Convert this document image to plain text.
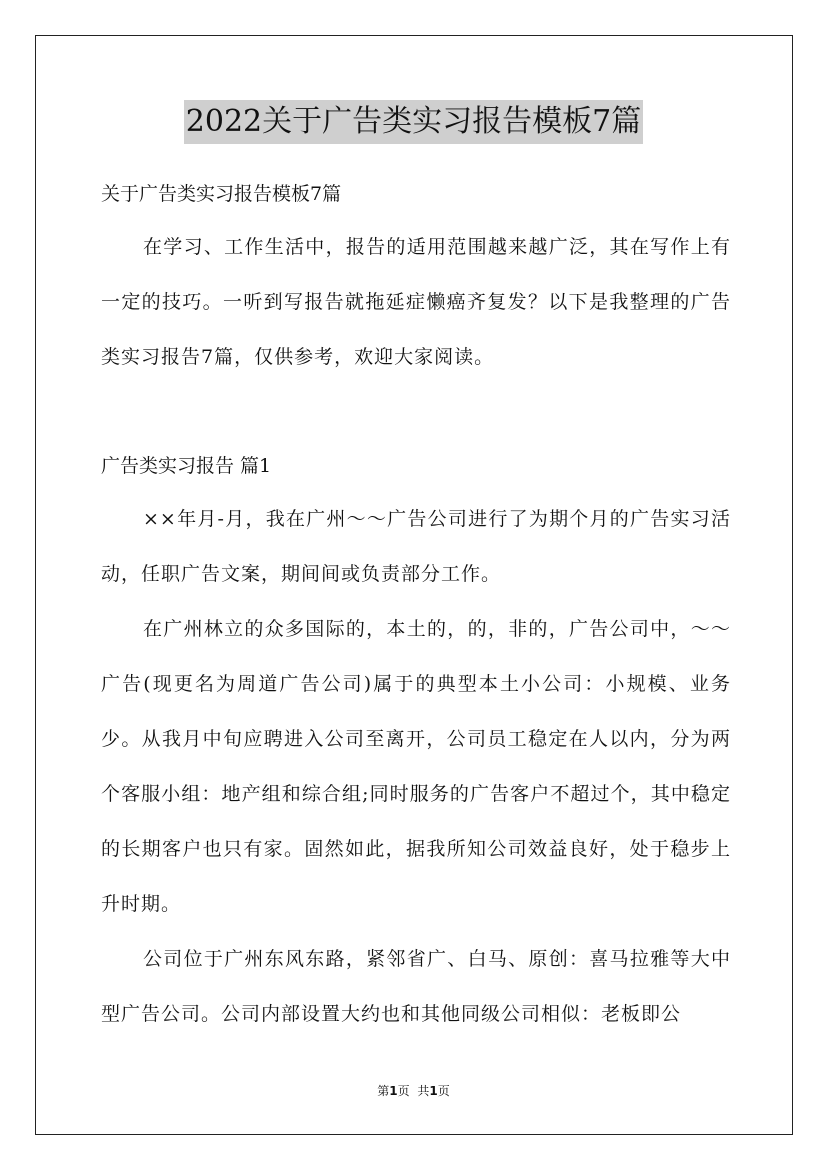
2022关于广告类实习报告模板7篇
关于广告类实习报告模板7篇

在学习、工作生活中，报告的适用范围越来越广泛，其在写作上有一定的技巧。一听到写报告就拖延症懒癌齐复发？以下是我整理的广告类实习报告7篇，仅供参考，欢迎大家阅读。

广告类实习报告 篇1

××年月-月，我在广州～～广告公司进行了为期个月的广告实习活动，任职广告文案，期间间或负责部分工作。

在广州林立的众多国际的，本土的，的，非的，广告公司中，～～广告(现更名为周道广告公司)属于的典型本土小公司：小规模、业务少。从我月中旬应聘进入公司至离开，公司员工稳定在人以内，分为两个客服小组：地产组和综合组;同时服务的广告客户不超过个，其中稳定的长期客户也只有家。固然如此，据我所知公司效益良好，处于稳步上升时期。

公司位于广州东风东路，紧邻省广、白马、原创：喜马拉雅等大中型广告公司。公司内部设置大约也和其他同级公司相似：老板即公

第1页 共1页
